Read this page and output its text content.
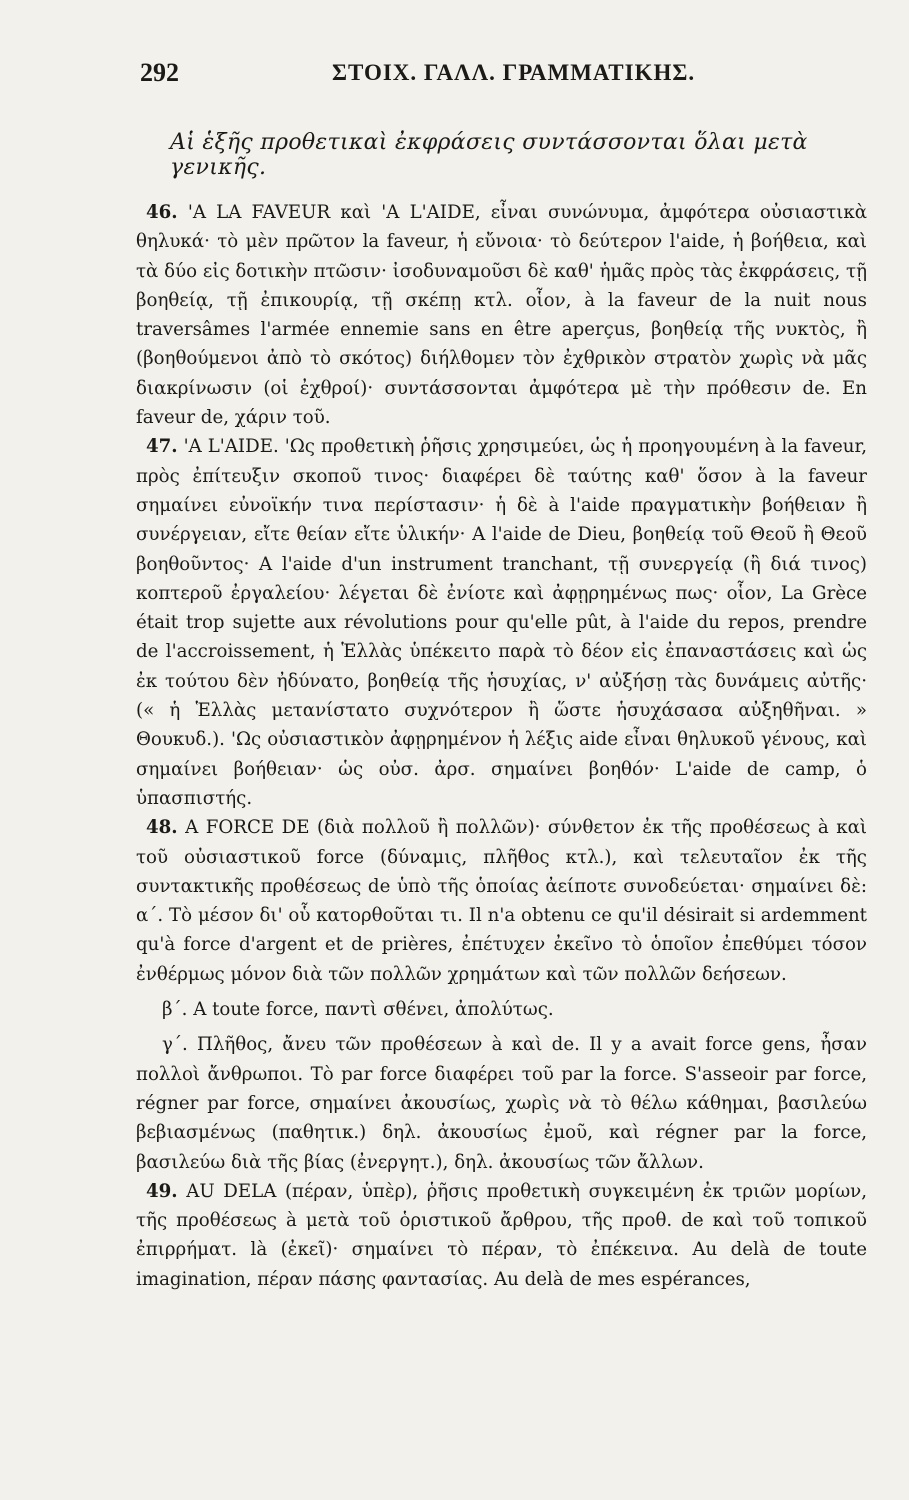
292	ΣΤΟΙΧ. ΓΑΛΛ. ΓΡΑΜΜΑΤΙΚΗΣ.
Αἱ ἑξῆς προθετικαὶ ἐκφράσεις συντάσσονται ὅλαι μετὰ γενικῆς.

46. 'A LA FAVEUR καὶ 'A L'AIDE, εἶναι συνώνυμα, ἀμφότερα οὐσιαστικὰ θηλυκά· τὸ μὲν πρῶτον la faveur, ἡ εὔνοια· τὸ δεύτερον l'aide, ἡ βοήθεια, καὶ τὰ δύο εἰς δοτικὴν πτῶσιν· ἰσοδυναμοῦσι δὲ καθ' ἡμᾶς πρὸς τὰς ἐκφράσεις, τῇ βοηθείᾳ, τῇ ἐπικουρίᾳ, τῇ σκέπῃ κτλ. οἷον, à la faveur de la nuit nous traversâmes l'armée ennemie sans en être aperçus, βοηθείᾳ τῆς νυκτὸς, ἢ (βοηθούμενοι ἀπὸ τὸ σκότος) διήλθομεν τὸν ἐχθρικὸν στρατὸν χωρὶς νὰ μᾶς διακρίνωσιν (οἱ ἐχθροί)· συντάσσονται ἀμφότερα μὲ τὴν πρόθεσιν de. En faveur de, χάριν τοῦ.

47. 'A L'AIDE. 'Ως προθετικὴ ῥῆσις χρησιμεύει, ὡς ἡ προηγουμένη à la faveur, πρὸς ἐπίτευξιν σκοποῦ τινος· διαφέρει δὲ ταύτης καθ' ὅσον à la faveur σημαίνει εὐνοϊκήν τινα περίστασιν· ἡ δὲ à l'aide πραγματικὴν βοήθειαν ἢ συνέργειαν, εἴτε θείαν εἴτε ὑλικήν· A l'aide de Dieu, βοηθείᾳ τοῦ Θεοῦ ἢ Θεοῦ βοηθοῦντος· A l'aide d'un instrument tranchant, τῇ συνεργείᾳ (ἢ διά τινος) κοπτεροῦ ἐργαλείου· λέγεται δὲ ἐνίοτε καὶ ἀφῃρημένως πως· οἷον, La Grèce était trop sujette aux révolutions pour qu'elle pût, à l'aide du repos, prendre de l'accroissement, ἡ Ἑλλὰς ὑπέκειτο παρὰ τὸ δέον εἰς ἐπαναστάσεις καὶ ὡς ἐκ τούτου δὲν ἠδύνατο, βοηθείᾳ τῆς ἡσυχίας, ν' αὐξήσῃ τὰς δυνάμεις αὐτῆς· (« ἡ Ἑλλὰς μετανίστατο συχνότερον ἢ ὥστε ἡσυχάσασα αὐξηθῆναι. » Θουκυδ.). 'Ως οὐσιαστικὸν ἀφῃρημένον ἡ λέξις aide εἶναι θηλυκοῦ γένους, καὶ σημαίνει βοήθειαν· ὡς οὐσ. ἀρσ. σημαίνει βοηθόν· L'aide de camp, ὁ ὑπασπιστής.

48. A FORCE DE (διὰ πολλοῦ ἢ πολλῶν)· σύνθετον ἐκ τῆς προθέσεως à καὶ τοῦ οὐσιαστικοῦ force (δύναμις, πλῆθος κτλ.), καὶ τελευταῖον ἐκ τῆς συντακτικῆς προθέσεως de ὑπὸ τῆς ὁποίας ἀείποτε συνοδεύεται· σημαίνει δὲ: α΄. Τὸ μέσον δι' οὗ κατορθοῦται τι. Il n'a obtenu ce qu'il désirait si ardemment qu'à force d'argent et de prières, ἐπέτυχεν ἐκεῖνο τὸ ὁποῖον ἐπεθύμει τόσον ἐνθέρμως μόνον διὰ τῶν πολλῶν χρημάτων καὶ τῶν πολλῶν δεήσεων.

β΄. A toute force, παντὶ σθένει, ἀπολύτως.

γ΄. Πλῆθος, ἄνευ τῶν προθέσεων à καὶ de. Il y a avait force gens, ἦσαν πολλοὶ ἄνθρωποι. Τὸ par force διαφέρει τοῦ par la force. S'asseoir par force, régner par force, σημαίνει ἀκουσίως, χωρὶς νὰ τὸ θέλω κάθημαι, βασιλεύω βεβιασμένως (παθητικ.) δηλ. ἀκουσίως ἐμοῦ, καὶ régner par la force, βασιλεύω διὰ τῆς βίας (ἐνεργητ.), δηλ. ἀκουσίως τῶν ἄλλων.

49. AU DELA (πέραν, ὑπὲρ), ῥῆσις προθετικὴ συγκειμένη ἐκ τριῶν μορίων, τῆς προθέσεως à μετὰ τοῦ ὁριστικοῦ ἄρθρου, τῆς προθ. de καὶ τοῦ τοπικοῦ ἐπιρρήματ. là (ἐκεῖ)· σημαίνει τὸ πέραν, τὸ ἐπέκεινα. Au delà de toute imagination, πέραν πάσης φαντασίας. Au delà de mes espérances,
